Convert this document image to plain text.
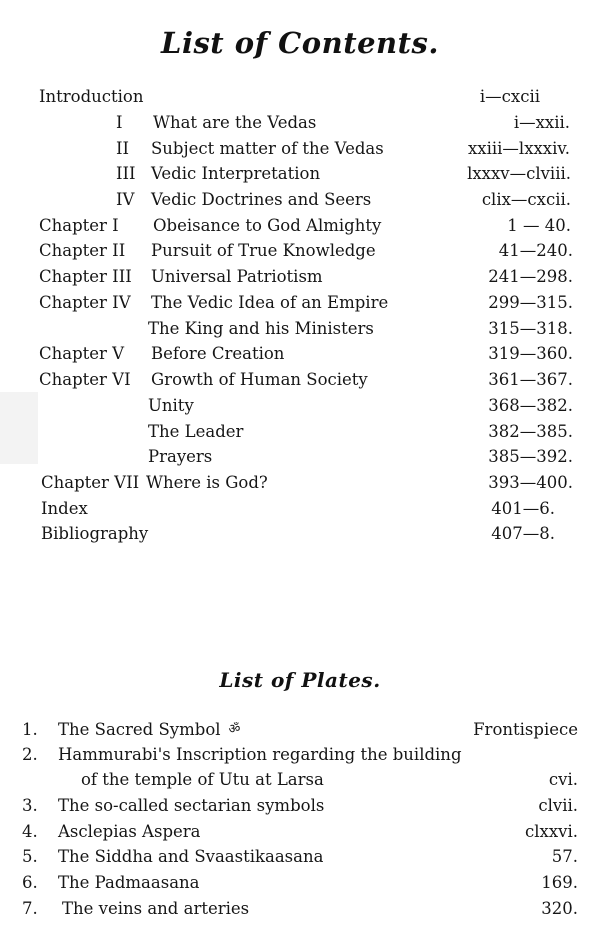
List of Contents.
Introduction	i—cxcii
I What are the Vedas	i—xxii.
II Subject matter of the Vedas	xxiii—lxxxiv.
III Vedic Interpretation	lxxxv—clviii.
IV Vedic Doctrines and Seers	clix—cxcii.
Chapter I Obeisance to God Almighty	1 — 40.
Chapter II Pursuit of True Knowledge	41—240.
Chapter III Universal Patriotism	241—298.
Chapter IV The Vedic Idea of an Empire	299—315.
The King and his Ministers	315—318.
Chapter V Before Creation	319—360.
Chapter VI Growth of Human Society	361—367.
Unity	368—382.
The Leader	382—385.
Prayers	385—392.
Chapter VII Where is God?	393—400.
Index	401—6.
Bibliography	407—8.
List of Plates.
1. The Sacred Symbol ॐ	Frontispiece
2. Hammurabi's Inscription regarding the building
of the temple of Utu at Larsa	cvi.
3. The so-called sectarian symbols	clvii.
4. Asclepias Aspera	clxxvi.
5. The Siddha and Svaastikaasana	57.
6. The Padmaasana	169.
7. The veins and arteries	320.
